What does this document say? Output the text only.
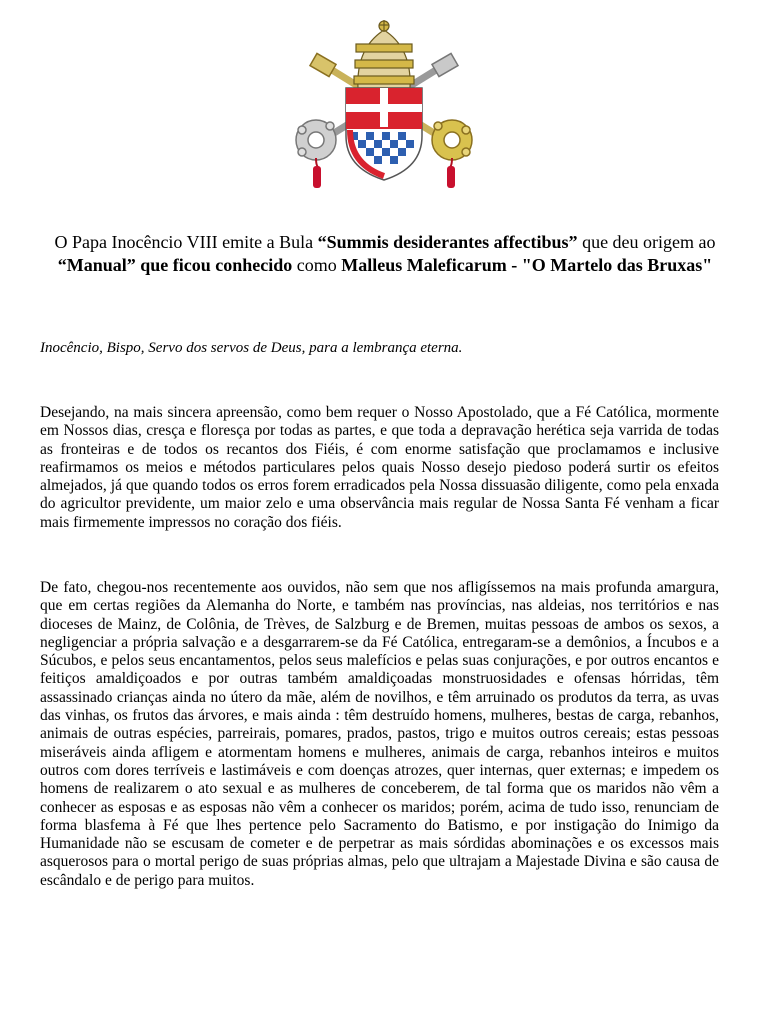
O Papa Inocêncio VIII emite a Bula “Summis desiderantes affectibus” que deu origem ao “Manual” que ficou conhecido como Malleus Maleficarum - "O Martelo das Bruxas"
Inocêncio, Bispo, Servo dos servos de Deus, para a lembrança eterna.

Desejando, na mais sincera apreensão, como bem requer o Nosso Apostolado, que a Fé Católica, mormente em Nossos dias, cresça e floresça por todas as partes, e que toda a depravação herética seja varrida de todas as fronteiras e de todos os recantos dos Fiéis, é com enorme satisfação que proclamamos e inclusive reafirmamos os meios e métodos particulares pelos quais Nosso desejo piedoso poderá surtir os efeitos almejados, já que quando todos os erros forem erradicados pela Nossa dissuasão diligente, como pela enxada do agricultor previdente, um maior zelo e uma observância mais regular de Nossa Santa Fé venham a ficar mais firmemente impressos no coração dos fiéis.

De fato, chegou-nos recentemente aos ouvidos, não sem que nos afligíssemos na mais profunda amargura, que em certas regiões da Alemanha do Norte, e também nas províncias, nas aldeias, nos territórios e nas dioceses de Mainz, de Colônia, de Trèves, de Salzburg e de Bremen, muitas pessoas de ambos os sexos, a negligenciar a própria salvação e a desgarrarem-se da Fé Católica, entregaram-se a demônios, a Íncubos e a Súcubos, e pelos seus encantamentos, pelos seus malefícios e pelas suas conjurações, e por outros encantos e feitiços amaldiçoados e por outras também amaldiçoadas monstruosidades e ofensas hórridas, têm assassinado crianças ainda no útero da mãe, além de novilhos, e têm arruinado os produtos da terra, as uvas das vinhas, os frutos das árvores, e mais ainda : têm destruído homens, mulheres, bestas de carga, rebanhos, animais de outras espécies, parreirais, pomares, prados, pastos, trigo e muitos outros cereais; estas pessoas miseráveis ainda afligem e atormentam homens e mulheres, animais de carga, rebanhos inteiros e muitos outros com dores terríveis e lastimáveis e com doenças atrozes, quer internas, quer externas; e impedem os homens de realizarem o ato sexual e as mulheres de conceberem, de tal forma que os maridos não vêm a conhecer as esposas e as esposas não vêm a conhecer os maridos; porém, acima de tudo isso, renunciam de forma blasfema à Fé que lhes pertence pelo Sacramento do Batismo, e por instigação do Inimigo da Humanidade não se escusam de cometer e de perpetrar as mais sórdidas abominações e os excessos mais asquerosos para o mortal perigo de suas próprias almas, pelo que ultrajam a Majestade Divina e são causa de escândalo e de perigo para muitos.
